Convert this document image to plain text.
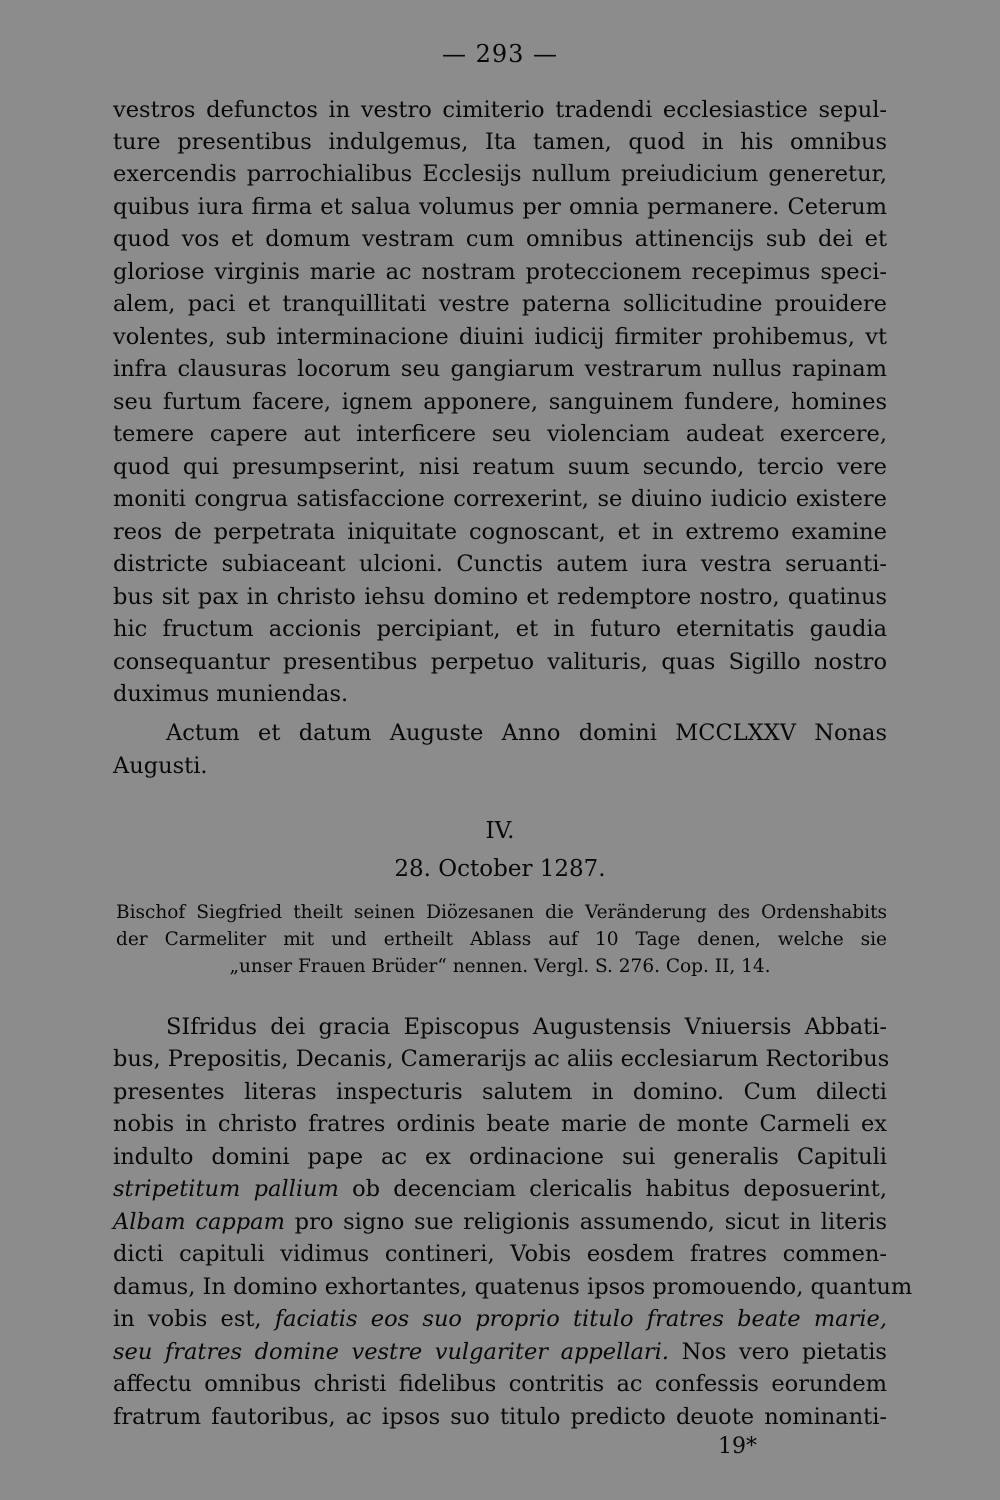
— 293 —
vestros defunctos in vestro cimiterio tradendi ecclesiastice sepul-
ture presentibus indulgemus, Ita tamen, quod in his omnibus
exercendis parrochialibus Ecclesijs nullum preiudicium generetur,
quibus iura firma et salua volumus per omnia permanere. Ceterum
quod vos et domum vestram cum omnibus attinencijs sub dei et
gloriose virginis marie ac nostram proteccionem recepimus speci-
alem, paci et tranquillitati vestre paterna sollicitudine prouidere
volentes, sub interminacione diuini iudicij firmiter prohibemus, vt
infra clausuras locorum seu gangiarum vestrarum nullus rapinam
seu furtum facere, ignem apponere, sanguinem fundere, homines
temere capere aut interficere seu violenciam audeat exercere,
quod qui presumpserint, nisi reatum suum secundo, tercio vere
moniti congrua satisfaccione correxerint, se diuino iudicio existere
reos de perpetrata iniquitate cognoscant, et in extremo examine
districte subiaceant ulcioni. Cunctis autem iura vestra seruanti-
bus sit pax in christo iehsu domino et redemptore nostro, quatinus
hic fructum accionis percipiant, et in futuro eternitatis gaudia
consequantur presentibus perpetuo valituris, quas Sigillo nostro
duximus muniendas.
Actum et datum Auguste Anno domini MCCLXXV Nonas
Augusti.
IV.
28. October 1287.
Bischof Siegfried theilt seinen Diözesanen die Veränderung des Ordenshabits
der Carmeliter mit und ertheilt Ablass auf 10 Tage denen, welche sie
„unser Frauen Brüder“ nennen. Vergl. S. 276. Cop. II, 14.
SIfridus dei gracia Episcopus Augustensis Vniuersis Abbati-
bus, Prepositis, Decanis, Camerarijs ac aliis ecclesiarum Rectoribus
presentes literas inspecturis salutem in domino. Cum dilecti
nobis in christo fratres ordinis beate marie de monte Carmeli ex
indulto domini pape ac ex ordinacione sui generalis Capituli
stripetitum pallium ob decenciam clericalis habitus deposuerint,
Albam cappam pro signo sue religionis assumendo, sicut in literis
dicti capituli vidimus contineri, Vobis eosdem fratres commen-
damus, In domino exhortantes, quatenus ipsos promouendo, quantum
in vobis est, faciatis eos suo proprio titulo fratres beate marie,
seu fratres domine vestre vulgariter appellari. Nos vero pietatis
affectu omnibus christi fidelibus contritis ac confessis eorundem
fratrum fautoribus, ac ipsos suo titulo predicto deuote nominanti-
19*
